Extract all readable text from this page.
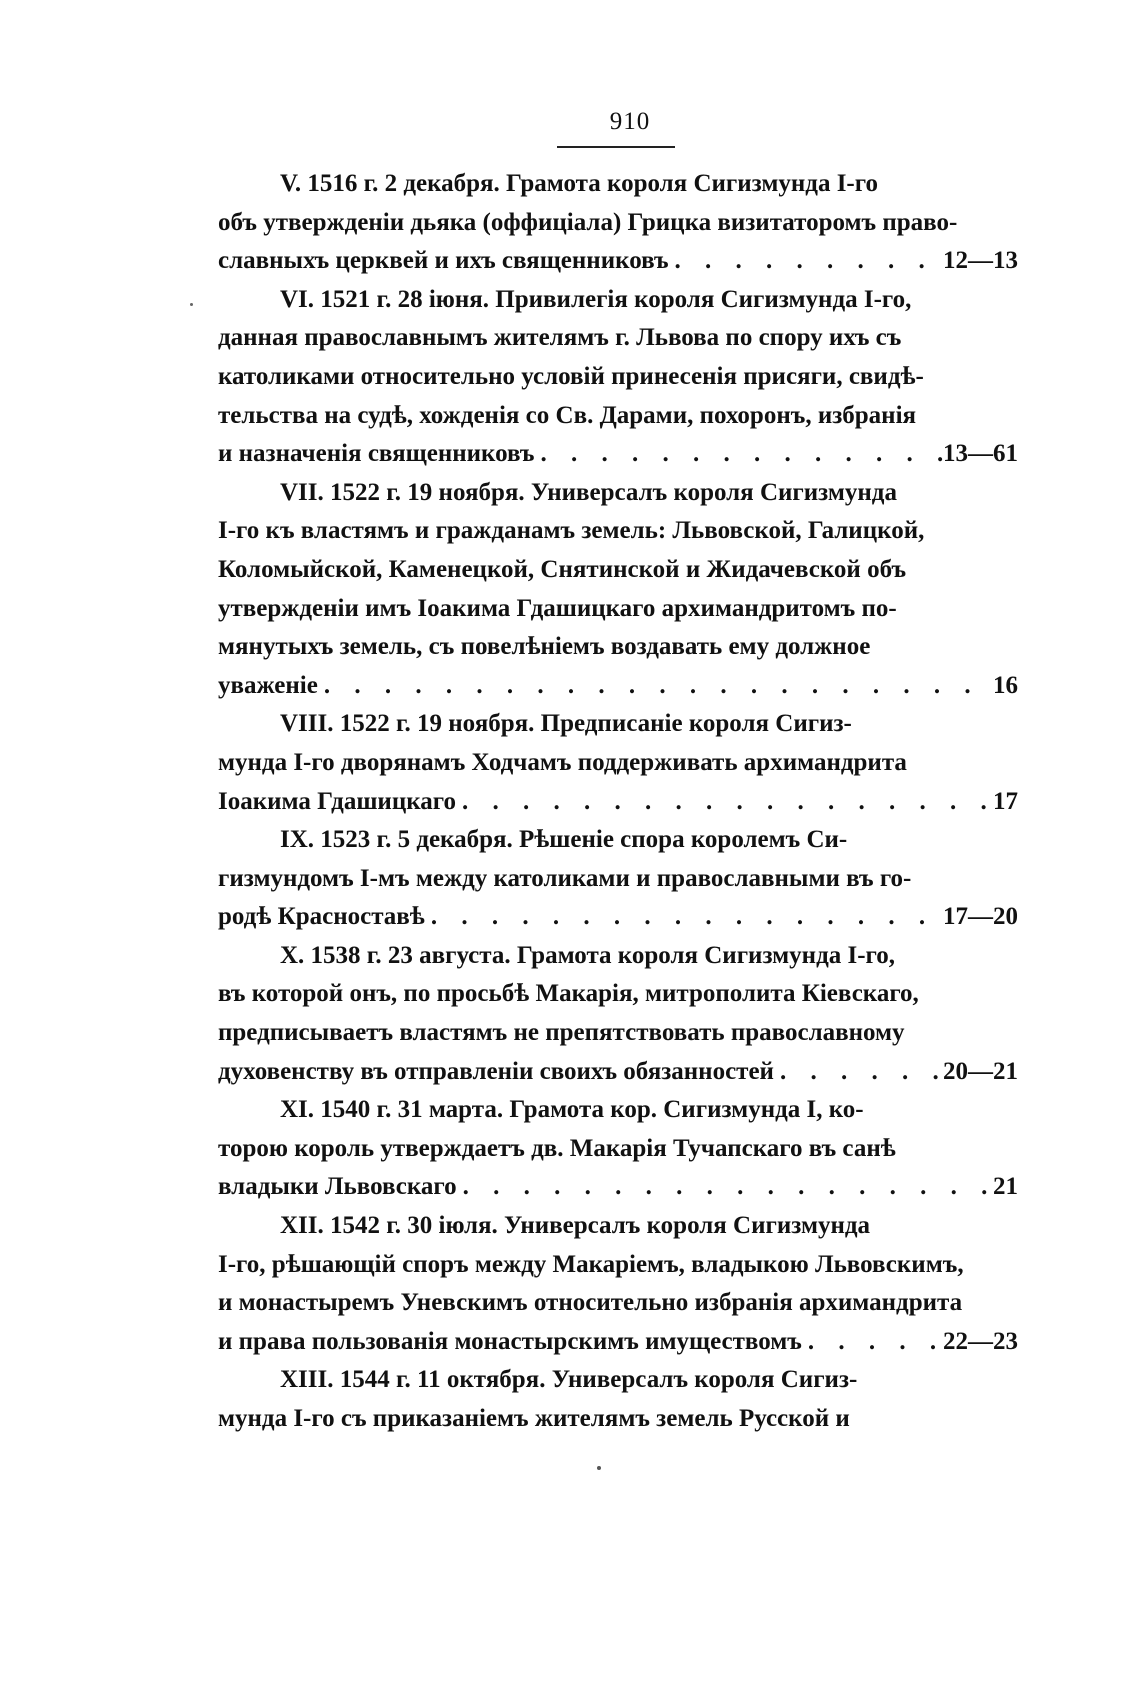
910
V. 1516 г. 2 декабря. Грамота короля Сигизмунда I-го
объ утвержденiи дьяка (оффицiала) Грицка визитаторомъ право-
славныхъ церквей и ихъ священниковъ . . .	12—13
VI. 1521 г. 28 iюня. Привилегiя короля Сигизмунда I-го,
данная православнымъ жителямъ г. Львова по спору ихъ съ
католиками относительно условiй принесенiя присяги, свидѣ-
тельства на судѣ, хожденiя со Св. Дарами, похоронъ, избранiя
и назначенiя священниковъ . . .	13—61
VII. 1522 г. 19 ноября. Универсалъ короля Сигизмунда
I-го къ властямъ и гражданамъ земель: Львовской, Галицкой,
Коломыйской, Каменецкой, Снятинской и Жидачевской объ
утвержденiи имъ Iоакима Гдашицкаго архимандритомъ по-
мянутыхъ земель, съ повелѣнiемъ воздавать ему должное
уваженiе . . .	16
VIII. 1522 г. 19 ноября. Предписанiе короля Сигиз-
мунда I-го дворянамъ Ходчамъ поддерживать архимандрита
Iоакима Гдашицкаго . . .	17
IX. 1523 г. 5 декабря. Рѣшенiе спора королемъ Си-
гизмундомъ I-мъ между католиками и православными въ го-
родѣ Красноставѣ . . .	17—20
X. 1538 г. 23 августа. Грамота короля Сигизмунда I-го,
въ которой онъ, по просьбѣ Макарiя, митрополита Кiевскаго,
предписываетъ властямъ не препятствовать православному
духовенству въ отправленiи своихъ обязанностей . . .	20—21
XI. 1540 г. 31 марта. Грамота кор. Сигизмунда I, ко-
торою король утверждаетъ дв. Макарiя Тучапскаго въ санѣ
владыки Львовскаго . . .	21
XII. 1542 г. 30 iюля. Универсалъ короля Сигизмунда
I-го, рѣшающiй споръ между Макарiемъ, владыкою Львовскимъ,
и монастыремъ Уневскимъ относительно избранiя архимандрита
и права пользованiя монастырскимъ имуществомъ . . .	22—23
XIII. 1544 г. 11 октября. Универсалъ короля Сигиз-
мунда I-го съ приказанiемъ жителямъ земель Русской и
